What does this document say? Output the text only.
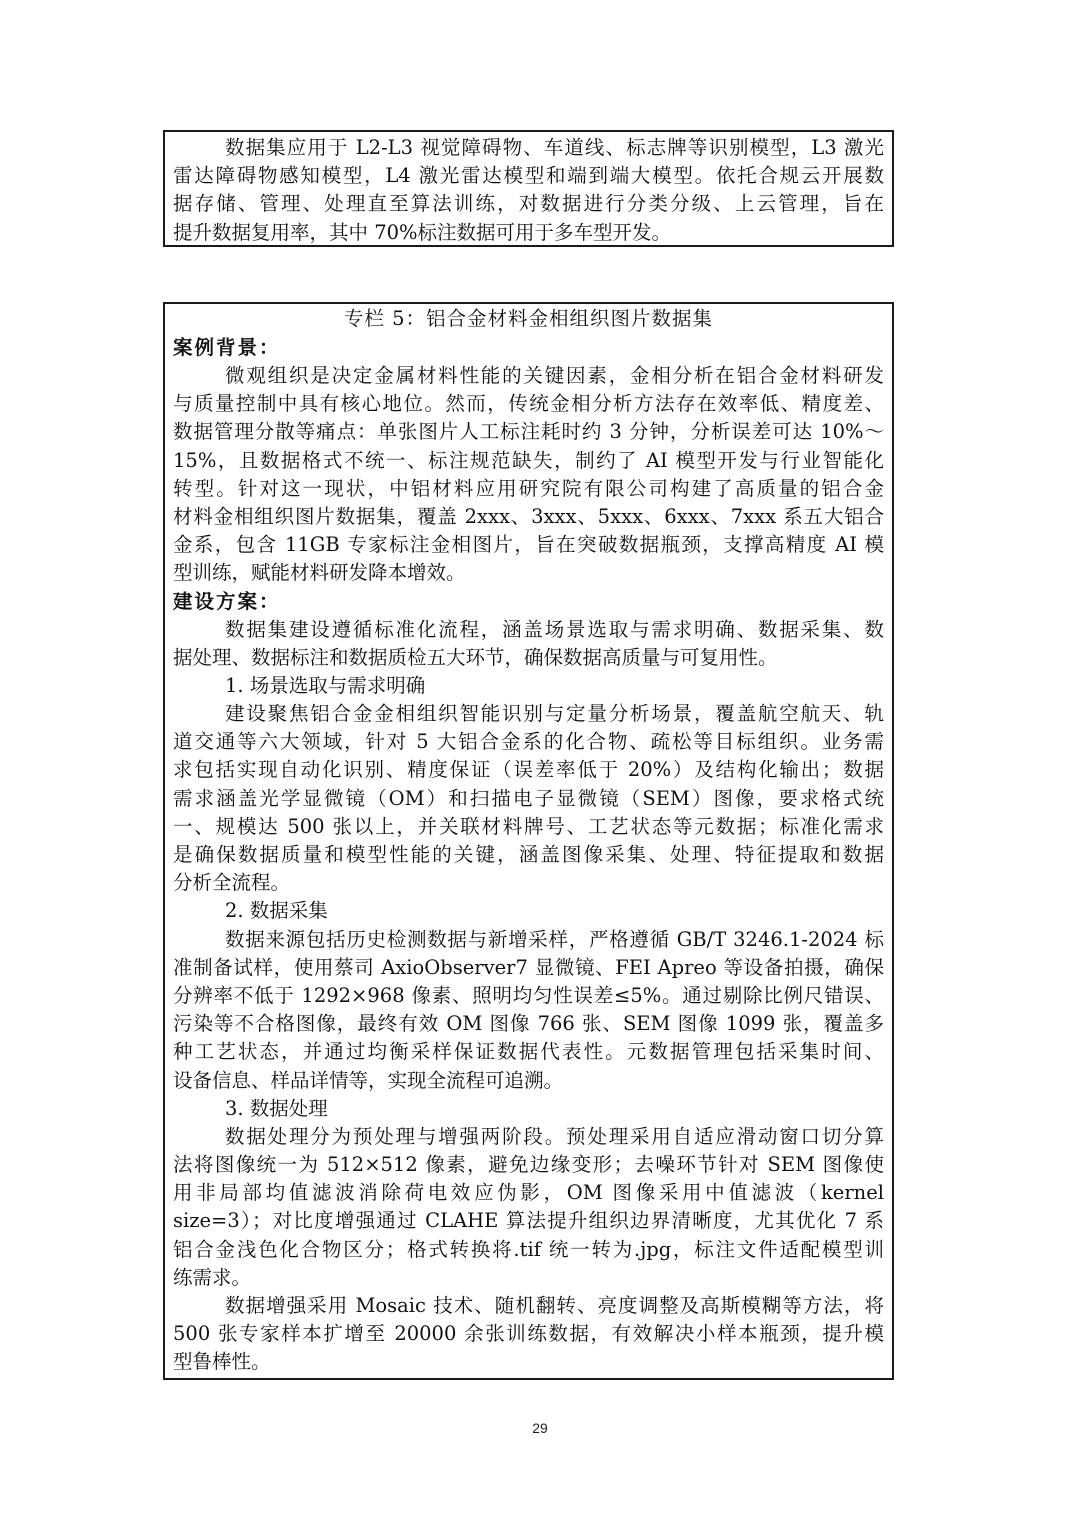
数据集应用于 L2-L3 视觉障碍物、车道线、标志牌等识别模型，L3 激光
雷达障碍物感知模型，L4 激光雷达模型和端到端大模型。依托合规云开展数
据存储、管理、处理直至算法训练，对数据进行分类分级、上云管理，旨在
提升数据复用率，其中 70%标注数据可用于多车型开发。
专栏 5：铝合金材料金相组织图片数据集
案例背景：
微观组织是决定金属材料性能的关键因素，金相分析在铝合金材料研发
与质量控制中具有核心地位。然而，传统金相分析方法存在效率低、精度差、
数据管理分散等痛点：单张图片人工标注耗时约 3 分钟，分析误差可达 10%～
15%，且数据格式不统一、标注规范缺失，制约了 AI 模型开发与行业智能化
转型。针对这一现状，中铝材料应用研究院有限公司构建了高质量的铝合金
材料金相组织图片数据集，覆盖 2xxx、3xxx、5xxx、6xxx、7xxx 系五大铝合
金系，包含 11GB 专家标注金相图片，旨在突破数据瓶颈，支撑高精度 AI 模
型训练，赋能材料研发降本增效。
建设方案：
数据集建设遵循标准化流程，涵盖场景选取与需求明确、数据采集、数
据处理、数据标注和数据质检五大环节，确保数据高质量与可复用性。
1. 场景选取与需求明确
建设聚焦铝合金金相组织智能识别与定量分析场景，覆盖航空航天、轨
道交通等六大领域，针对 5 大铝合金系的化合物、疏松等目标组织。业务需
求包括实现自动化识别、精度保证（误差率低于 20%）及结构化输出；数据
需求涵盖光学显微镜（OM）和扫描电子显微镜（SEM）图像，要求格式统
一、规模达 500 张以上，并关联材料牌号、工艺状态等元数据；标准化需求
是确保数据质量和模型性能的关键，涵盖图像采集、处理、特征提取和数据
分析全流程。
2. 数据采集
数据来源包括历史检测数据与新增采样，严格遵循 GB/T 3246.1-2024 标
准制备试样，使用蔡司 AxioObserver7 显微镜、FEI Apreo 等设备拍摄，确保
分辨率不低于 1292×968 像素、照明均匀性误差≤5%。通过剔除比例尺错误、
污染等不合格图像，最终有效 OM 图像 766 张、SEM 图像 1099 张，覆盖多
种工艺状态，并通过均衡采样保证数据代表性。元数据管理包括采集时间、
设备信息、样品详情等，实现全流程可追溯。
3. 数据处理
数据处理分为预处理与增强两阶段。预处理采用自适应滑动窗口切分算
法将图像统一为 512×512 像素，避免边缘变形；去噪环节针对 SEM 图像使
用非局部均值滤波消除荷电效应伪影，OM 图像采用中值滤波（kernel
size=3）；对比度增强通过 CLAHE 算法提升组织边界清晰度，尤其优化 7 系
铝合金浅色化合物区分；格式转换将.tif 统一转为.jpg，标注文件适配模型训
练需求。
数据增强采用 Mosaic 技术、随机翻转、亮度调整及高斯模糊等方法，将
500 张专家样本扩增至 20000 余张训练数据，有效解决小样本瓶颈，提升模
型鲁棒性。
29
